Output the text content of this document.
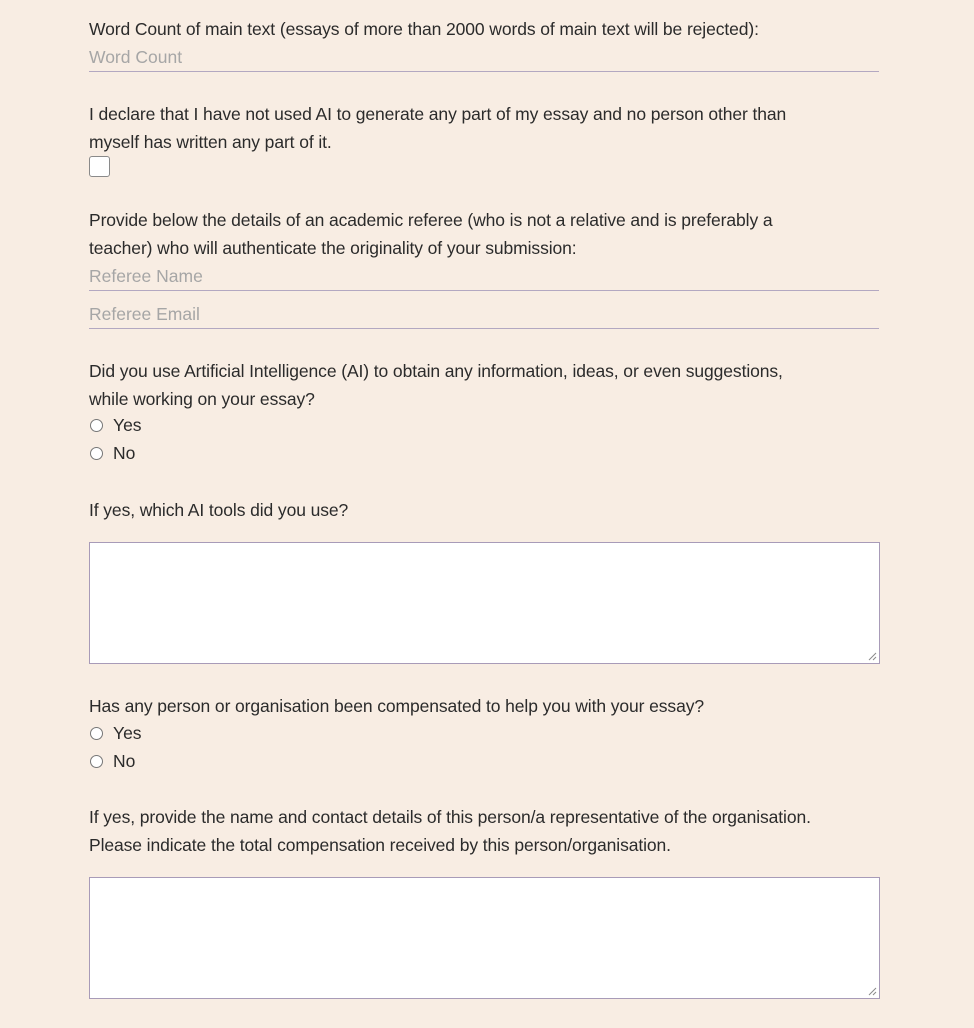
Word Count of main text (essays of more than 2000 words of main text will be rejected):
Word Count
I declare that I have not used AI to generate any part of my essay and no person other than
myself has written any part of it.
Provide below the details of an academic referee (who is not a relative and is preferably a
teacher) who will authenticate the originality of your submission:
Referee Name
Referee Email
Did you use Artificial Intelligence (AI) to obtain any information, ideas, or even suggestions,
while working on your essay?
Yes
No
If yes, which AI tools did you use?
Has any person or organisation been compensated to help you with your essay?
Yes
No
If yes, provide the name and contact details of this person/a representative of the organisation.
Please indicate the total compensation received by this person/organisation.
